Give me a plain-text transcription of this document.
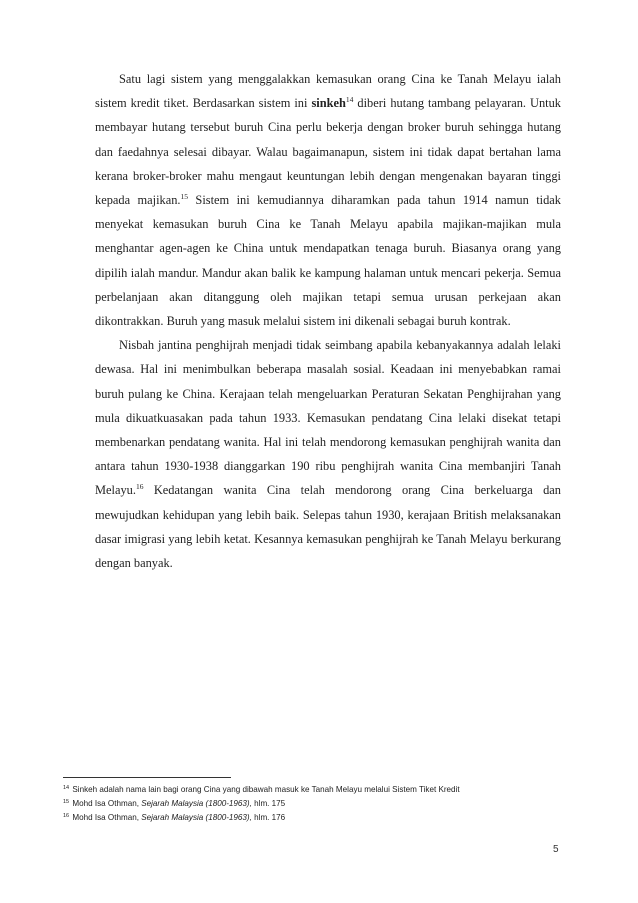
Satu lagi sistem yang menggalakkan kemasukan orang Cina ke Tanah Melayu ialah sistem kredit tiket. Berdasarkan sistem ini sinkeh$^{14}$ diberi hutang tambang pelayaran. Untuk membayar hutang tersebut buruh Cina perlu bekerja dengan broker buruh sehingga hutang dan faedahnya selesai dibayar. Walau bagaimanapun, sistem ini tidak dapat bertahan lama kerana broker-broker mahu mengaut keuntungan lebih dengan mengenakan bayaran tinggi kepada majikan.$^{15}$ Sistem ini kemudiannya diharamkan pada tahun 1914 namun tidak menyekat kemasukan buruh Cina ke Tanah Melayu apabila majikan-majikan mula menghantar agen-agen ke China untuk mendapatkan tenaga buruh. Biasanya orang yang dipilih ialah mandur. Mandur akan balik ke kampung halaman untuk mencari pekerja. Semua perbelanjaan akan ditanggung oleh majikan tetapi semua urusan perkejaan akan dikontrakkan. Buruh yang masuk melalui sistem ini dikenali sebagai buruh kontrak.

Nisbah jantina penghijrah menjadi tidak seimbang apabila kebanyakannya adalah lelaki dewasa. Hal ini menimbulkan beberapa masalah sosial. Keadaan ini menyebabkan ramai buruh pulang ke China. Kerajaan telah mengeluarkan Peraturan Sekatan Penghijrahan yang mula dikuatkuasakan pada tahun 1933. Kemasukan pendatang Cina lelaki disekat tetapi membenarkan pendatang wanita. Hal ini telah mendorong kemasukan penghijrah wanita dan antara tahun 1930-1938 dianggarkan 190 ribu penghijrah wanita Cina membanjiri Tanah Melayu.$^{16}$ Kedatangan wanita Cina telah mendorong orang Cina berkeluarga dan mewujudkan kehidupan yang lebih baik. Selepas tahun 1930, kerajaan British melaksanakan dasar imigrasi yang lebih ketat. Kesannya kemasukan penghijrah ke Tanah Melayu berkurang dengan banyak.

$^{14}$ Sinkeh adalah nama lain bagi orang Cina yang dibawah masuk ke Tanah Melayu melalui Sistem Tiket Kredit
$^{15}$ Mohd Isa Othman, Sejarah Malaysia (1800-1963), hlm. 175
$^{16}$ Mohd Isa Othman, Sejarah Malaysia (1800-1963), hlm. 176
5
